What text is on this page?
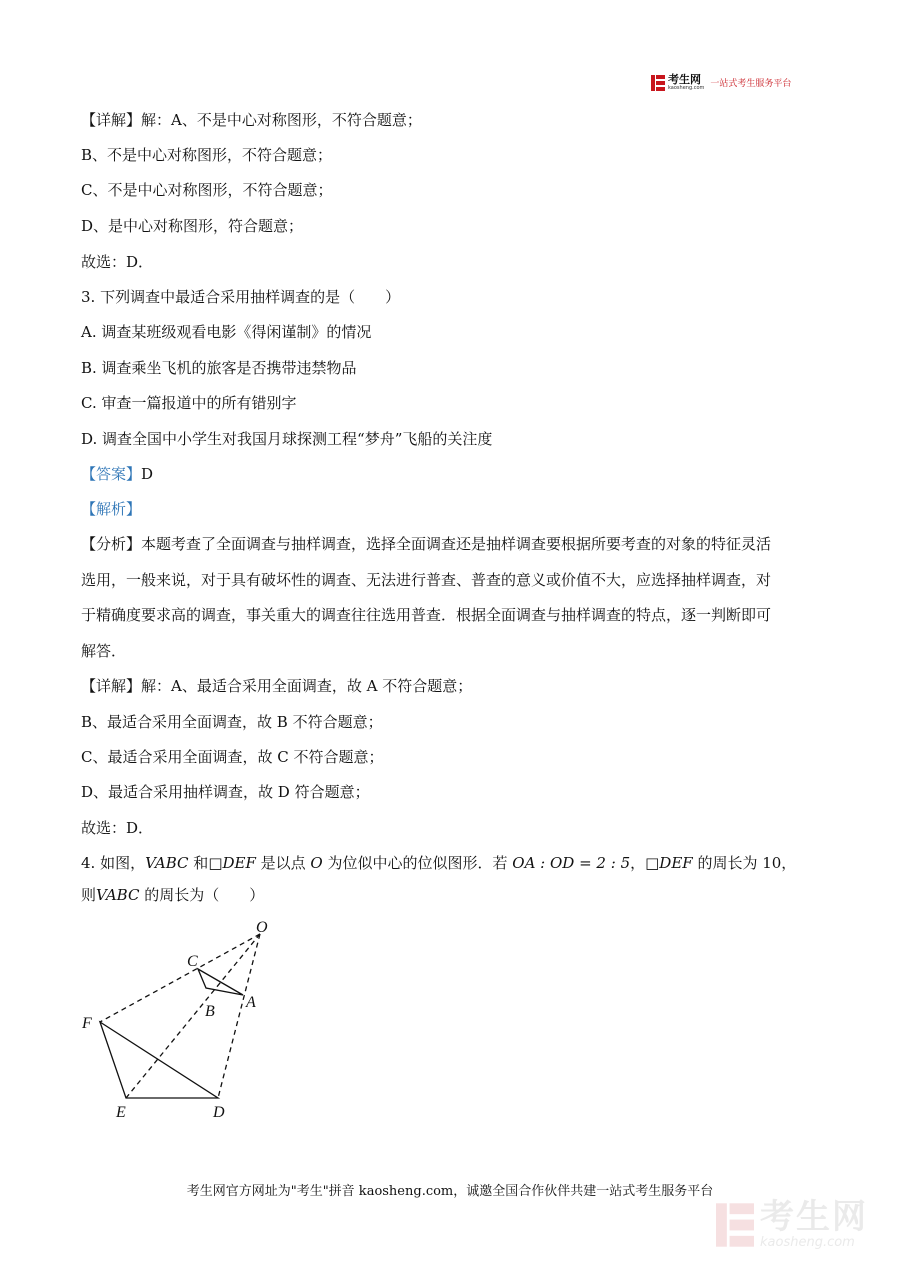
考生网
kaosheng.com 一站式考生服务平台
【详解】解：A、不是中心对称图形，不符合题意；
B、不是中心对称图形，不符合题意；
C、不是中心对称图形，不符合题意；
D、是中心对称图形，符合题意；
故选：D．
3. 下列调查中最适合采用抽样调查的是（　　）
A. 调查某班级观看电影《得闲谨制》的情况
B. 调查乘坐飞机的旅客是否携带违禁物品
C. 审查一篇报道中的所有错别字
D. 调查全国中小学生对我国月球探测工程“梦舟”飞船的关注度
【答案】D
【解析】
【分析】本题考查了全面调查与抽样调查，选择全面调查还是抽样调查要根据所要考查的对象的特征灵活
选用，一般来说，对于具有破坏性的调查、无法进行普查、普查的意义或价值不大，应选择抽样调查，对
于精确度要求高的调查，事关重大的调查往往选用普查．根据全面调查与抽样调查的特点，逐一判断即可
解答．
【详解】解：A、最适合采用全面调查，故 A 不符合题意；
B、最适合采用全面调查，故 B 不符合题意；
C、最适合采用全面调查，故 C 不符合题意；
D、最适合采用抽样调查，故 D 符合题意；
故选：D．
4. 如图，VABC 和□DEF 是以点 O 为位似中心的位似图形．若 OA : OD = 2 : 5，□DEF 的周长为 10，
则VABC 的周长为（　　）
O
C
A
B
F
E	D
考生网官方网址为"考生"拼音 kaosheng.com，诚邀全国合作伙伴共建一站式考生服务平台
考生网
kaosheng.com
